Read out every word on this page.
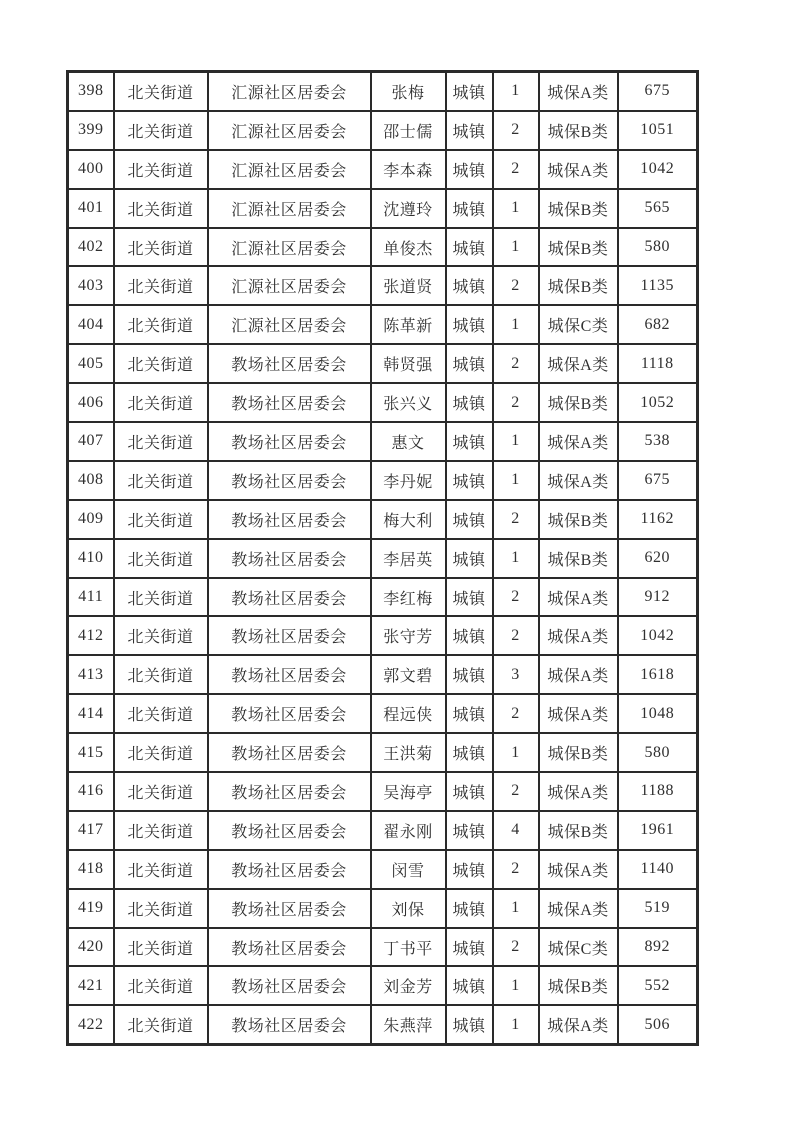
398	北关街道	汇源社区居委会	张梅	城镇	1	城保A类	675
399	北关街道	汇源社区居委会	邵士儒	城镇	2	城保B类	1051
400	北关街道	汇源社区居委会	李本森	城镇	2	城保A类	1042
401	北关街道	汇源社区居委会	沈遵玲	城镇	1	城保B类	565
402	北关街道	汇源社区居委会	单俊杰	城镇	1	城保B类	580
403	北关街道	汇源社区居委会	张道贤	城镇	2	城保B类	1135
404	北关街道	汇源社区居委会	陈革新	城镇	1	城保C类	682
405	北关街道	教场社区居委会	韩贤强	城镇	2	城保A类	1118
406	北关街道	教场社区居委会	张兴义	城镇	2	城保B类	1052
407	北关街道	教场社区居委会	惠文	城镇	1	城保A类	538
408	北关街道	教场社区居委会	李丹妮	城镇	1	城保A类	675
409	北关街道	教场社区居委会	梅大利	城镇	2	城保B类	1162
410	北关街道	教场社区居委会	李居英	城镇	1	城保B类	620
411	北关街道	教场社区居委会	李红梅	城镇	2	城保A类	912
412	北关街道	教场社区居委会	张守芳	城镇	2	城保A类	1042
413	北关街道	教场社区居委会	郭文碧	城镇	3	城保A类	1618
414	北关街道	教场社区居委会	程远侠	城镇	2	城保A类	1048
415	北关街道	教场社区居委会	王洪菊	城镇	1	城保B类	580
416	北关街道	教场社区居委会	吴海亭	城镇	2	城保A类	1188
417	北关街道	教场社区居委会	翟永刚	城镇	4	城保B类	1961
418	北关街道	教场社区居委会	闵雪	城镇	2	城保A类	1140
419	北关街道	教场社区居委会	刘保	城镇	1	城保A类	519
420	北关街道	教场社区居委会	丁书平	城镇	2	城保C类	892
421	北关街道	教场社区居委会	刘金芳	城镇	1	城保B类	552
422	北关街道	教场社区居委会	朱燕萍	城镇	1	城保A类	506
